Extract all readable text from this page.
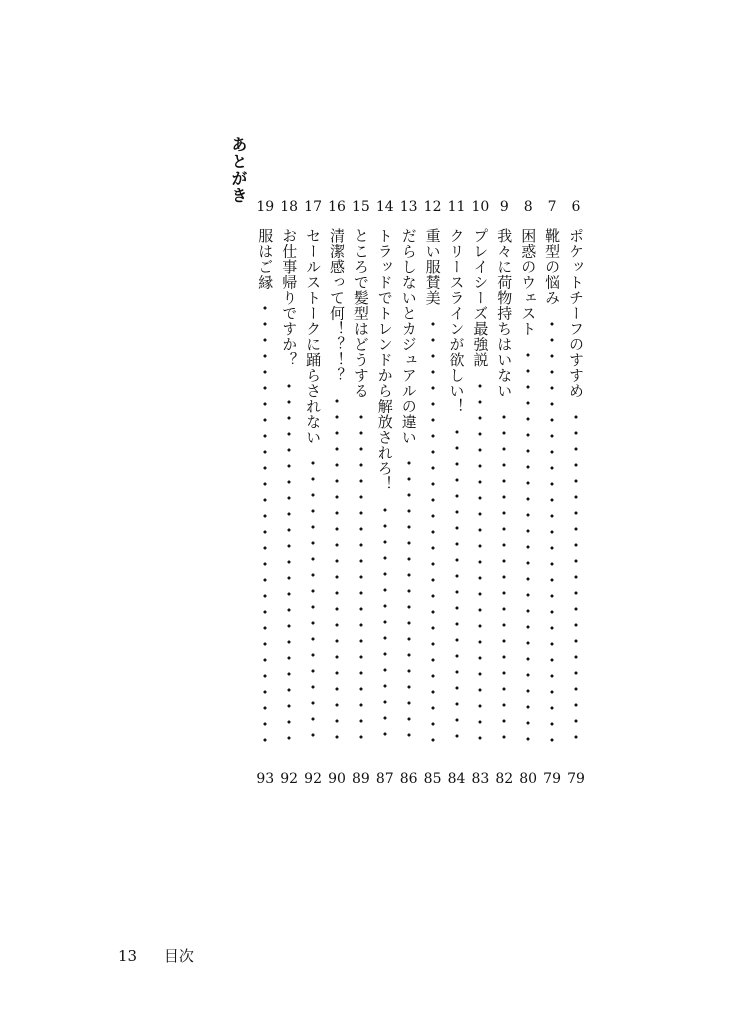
あとがき
6
ポケットチーフのすすめ
79
7
靴型の悩み
79
8
困惑のウェスト
80
9
我々に荷物持ちはいない
82
10
プレイシーズ最強説
83
11
クリースラインが欲しい！
84
12
重い服賛美
85
13
だらしないとカジュアルの違い
86
14
トラッドでトレンドから解放されろ！
87
15
ところで髪型はどうする
89
16
清潔感って何！？！？
90
17
セールストークに踊らされない
92
18
お仕事帰りですか？
92
19
服はご縁
93
13 目次
